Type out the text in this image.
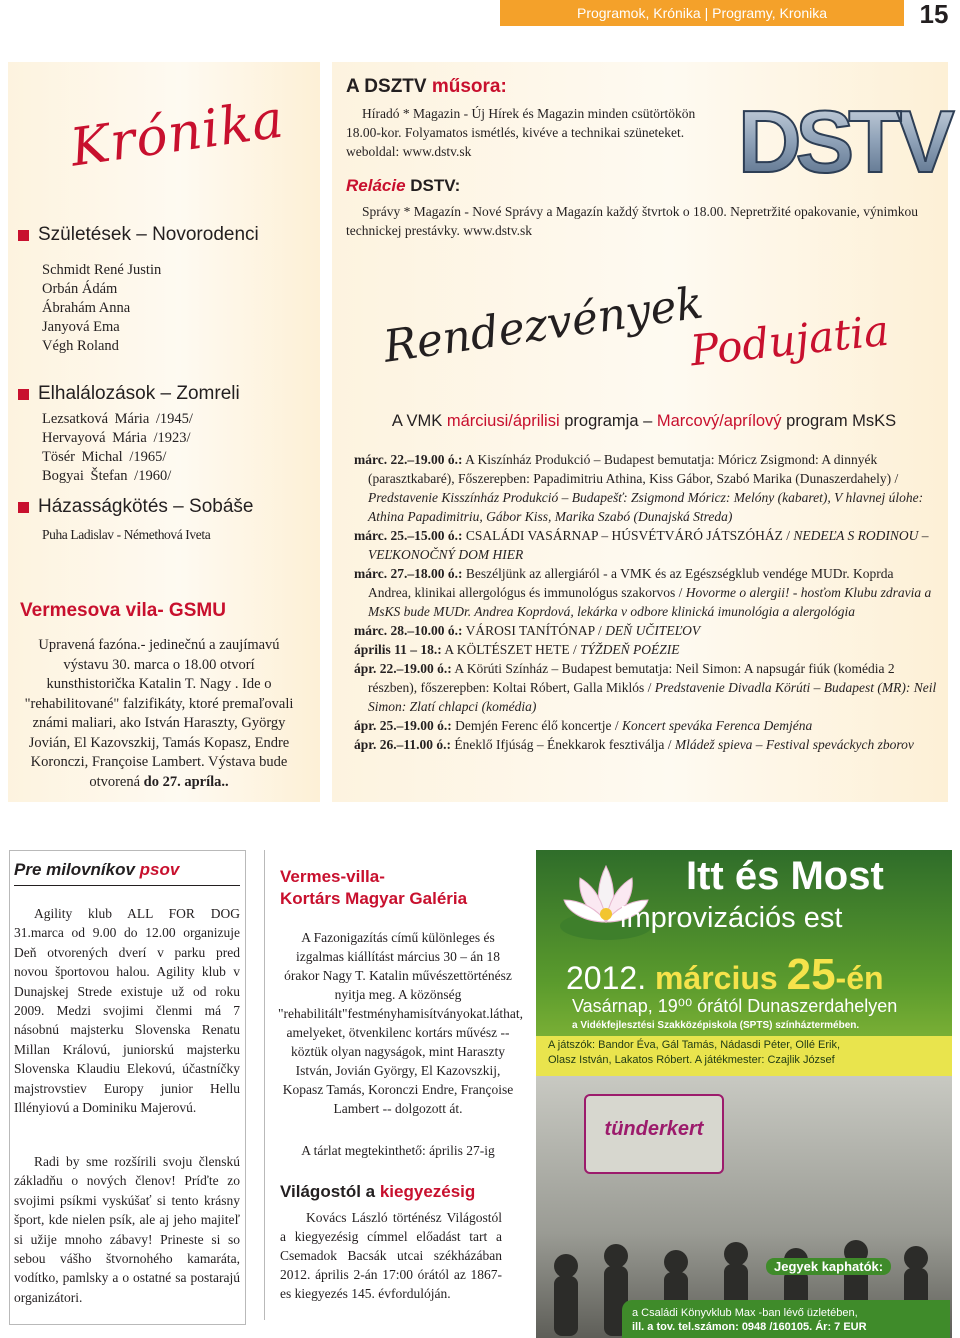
Programok, Krónika | Programy, Kronika	15
Krónika
Születések – Novorodenci
Schmidt René Justin
Orbán Ádám
Ábrahám Anna
Janyová Ema
Végh Roland
Elhalálozások – Zomreli
Lezsatková Mária /1945/
Hervayová Mária /1923/
Tösér Michal /1965/
Bogyai Štefan /1960/
Házasságkötés – Sobáše
Puha Ladislav - Némethová Iveta
Vermesova vila- GSMU
Upravená fazóna.- jedinečnú a zaujímavú výstavu 30. marca o 18.00 otvorí kunsthistorička Katalin T. Nagy . Ide o "rehabilitované" falzifikáty, ktoré premaľovali známi maliari, ako István Haraszty, György Jovián, El Kazovszkij, Tamás Kopasz, Endre Koronczi, Françoise Lambert. Výstava bude otvorená do 27. apríla..
A DSZTV műsora:
Híradó * Magazin - Új Hírek és Magazin minden csütörtökön 18.00-kor. Folyamatos ismétlés, kivéve a technikai szüneteket. weboldal: www.dstv.sk	DSTV
Relácie DSTV:
Správy * Magazín - Nové Správy a Magazín každý štvrtok o 18.00. Nepretržité opakovanie, výnimkou technickej prestávky. www.dstv.sk
Rendezvények
Podujatia
A VMK márciusi/áprilisi programja – Marcový/aprílový program MsKS
márc. 22.–19.00 ó.: A Kiszínház Produkció – Budapest bemutatja: Móricz Zsigmond: A dinnyék (parasztkabaré), Főszerepben: Papadimitriu Athina, Kiss Gábor, Szabó Marika (Dunaszerdahely) / Predstavenie Kisszínház Produkció – Budapešť: Zsigmond Móricz: Melóny (kabaret), V hlavnej úlohe: Athina Papadimitriu, Gábor Kiss, Marika Szabó (Dunajská Streda)
márc. 25.–15.00 ó.: CSALÁDI VASÁRNAP – HÚSVÉTVÁRÓ JÁTSZÓHÁZ / NEDEĽA S RODINOU – VEĽKONOČNÝ DOM HIER
márc. 27.–18.00 ó.: Beszéljünk az allergiáról - a VMK és az Egészségklub vendége MUDr. Koprda Andrea, klinikai allergológus és immunológus szakorvos / Hovorme o alergii! - hosťom Klubu zdravia a MsKS bude MUDr. Andrea Koprdová, lekárka v odbore klinická imunológia a alergológia
márc. 28.–10.00 ó.: VÁROSI TANÍTÓNAP / DEŇ UČITEĽOV
április 11 – 18.: A KÖLTÉSZET HETE / TÝŽDEŇ POÉZIE
ápr. 22.–19.00 ó.: A Körúti Színház – Budapest bemutatja: Neil Simon: A napsugár fiúk (komédia 2 részben), főszerepben: Koltai Róbert, Galla Miklós / Predstavenie Divadla Körúti – Budapest (MR): Neil Simon: Zlatí chlapci (komédia)
ápr. 25.–19.00 ó.: Demjén Ferenc élő koncertje / Koncert speváka Ferenca Demjéna
ápr. 26.–11.00 ó.: Éneklő Ifjúság – Énekkarok fesztiválja / Mládež spieva – Festival speváckych zborov
Pre milovníkov psov
Agility klub ALL FOR DOG 31.marca od 9.00 do 12.00 organizuje Deň otvorených dverí v parku pred novou športovou halou. Agility klub v Dunajskej Strede existuje už od roku 2009. Medzi svojimi členmi má 7 násobnú majsterku Slovenska Renatu Millan Královú, juniorskú majsterku Slovenska Klaudiu Elekovú, účastníčky majstrovstiev Europy junior Hellu Illényiovú a Dominiku Majerovú.
Radi by sme rozšírili svoju členskú základňu o nových členov! Príďte zo svojimi psíkmi vyskúšať si tento krásny šport, kde nielen psík, ale aj jeho majiteľ si užije mnoho zábavy! Prineste si so sebou vášho štvornohého kamaráta, vodítko, pamlsky a o ostatné sa postarajú organizátori.
Vermes-villa-
Kortárs Magyar Galéria
A Fazonigazítás című különleges és izgalmas kiállítást március 30 – án 18 órakor Nagy T. Katalin művészettörténész nyitja meg. A közönség "rehabilitált"festményhamisítványokat.láthat, amelyeket, ötvenkilenc kortárs művész -- köztük olyan nagyságok, mint Haraszty István, Jovián György, El Kazovszkij, Kopasz Tamás, Koronczi Endre, Françoise Lambert -- dolgozott át.
A tárlat megtekinthető: április 27-ig
Világostól a kiegyezésig
Kovács László történész Világostól a kiegyezésig címmel előadást tart a Csemadok Bacsák utcai székházában 2012. április 2-án 17:00 órától az 1867-es kiegyezés 145. évfordulóján.
Itt és Most
improvizációs est
2012. március 25-én
Vasárnap, 19⁰⁰ órától Dunaszerdahelyen
a Vidékfejlesztési Szakközépiskola (SPTS) színháztermében.
A játszók: Bandor Éva, Gál Tamás, Nádasdi Péter, Ollé Erik,
Olasz István, Lakatos Róbert. A játékmester: Czajlik József
tünderkert
Jegyek kaphatók:
a Családi Könyvklub Max -ban lévő üzletében,
ill. a tov. tel.számon: 0948 /160105. Ár: 7 EUR
